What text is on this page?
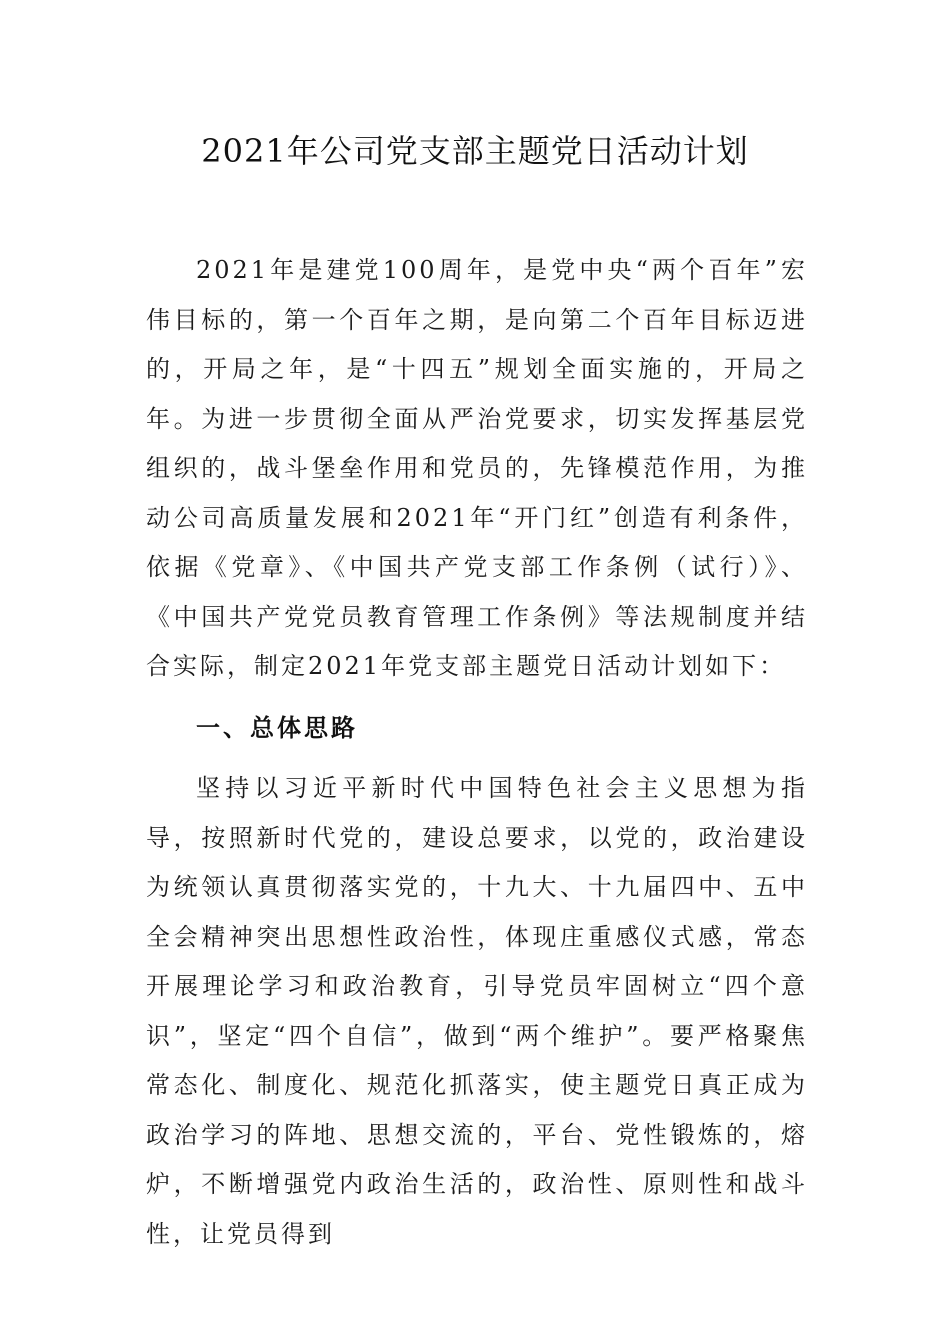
2021年公司党支部主题党日活动计划

2021年是建党100周年，是党中央“两个百年”宏伟目标的，第一个百年之期，是向第二个百年目标迈进的，开局之年，是“十四五”规划全面实施的，开局之年。为进一步贯彻全面从严治党要求，切实发挥基层党组织的，战斗堡垒作用和党员的，先锋模范作用，为推动公司高质量发展和2021年“开门红”创造有利条件，依据《党章》、《中国共产党支部工作条例（试行）》、《中国共产党党员教育管理工作条例》等法规制度并结合实际，制定2021年党支部主题党日活动计划如下：

一、总体思路

坚持以习近平新时代中国特色社会主义思想为指导，按照新时代党的，建设总要求，以党的，政治建设为统领认真贯彻落实党的，十九大、十九届四中、五中全会精神突出思想性政治性，体现庄重感仪式感，常态开展理论学习和政治教育，引导党员牢固树立“四个意识”，坚定“四个自信”，做到“两个维护”。要严格聚焦常态化、制度化、规范化抓落实，使主题党日真正成为政治学习的阵地、思想交流的，平台、党性锻炼的，熔炉，不断增强党内政治生活的，政治性、原则性和战斗性，让党员得到
